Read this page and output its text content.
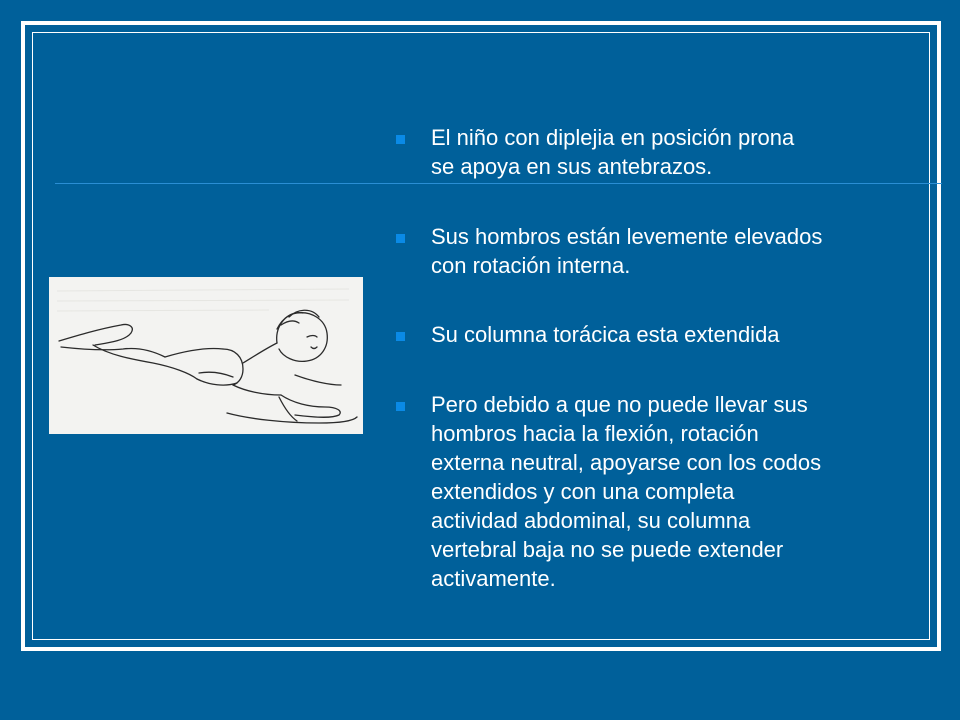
El niño con diplejia en posición prona
se apoya en sus antebrazos.
Sus hombros están levemente elevados
con rotación interna.
Su columna torácica esta extendida
Pero debido a que no puede llevar sus
hombros hacia la flexión, rotación
externa neutral, apoyarse con los codos
extendidos y con una completa
actividad abdominal, su columna
vertebral baja no se puede extender
activamente.
